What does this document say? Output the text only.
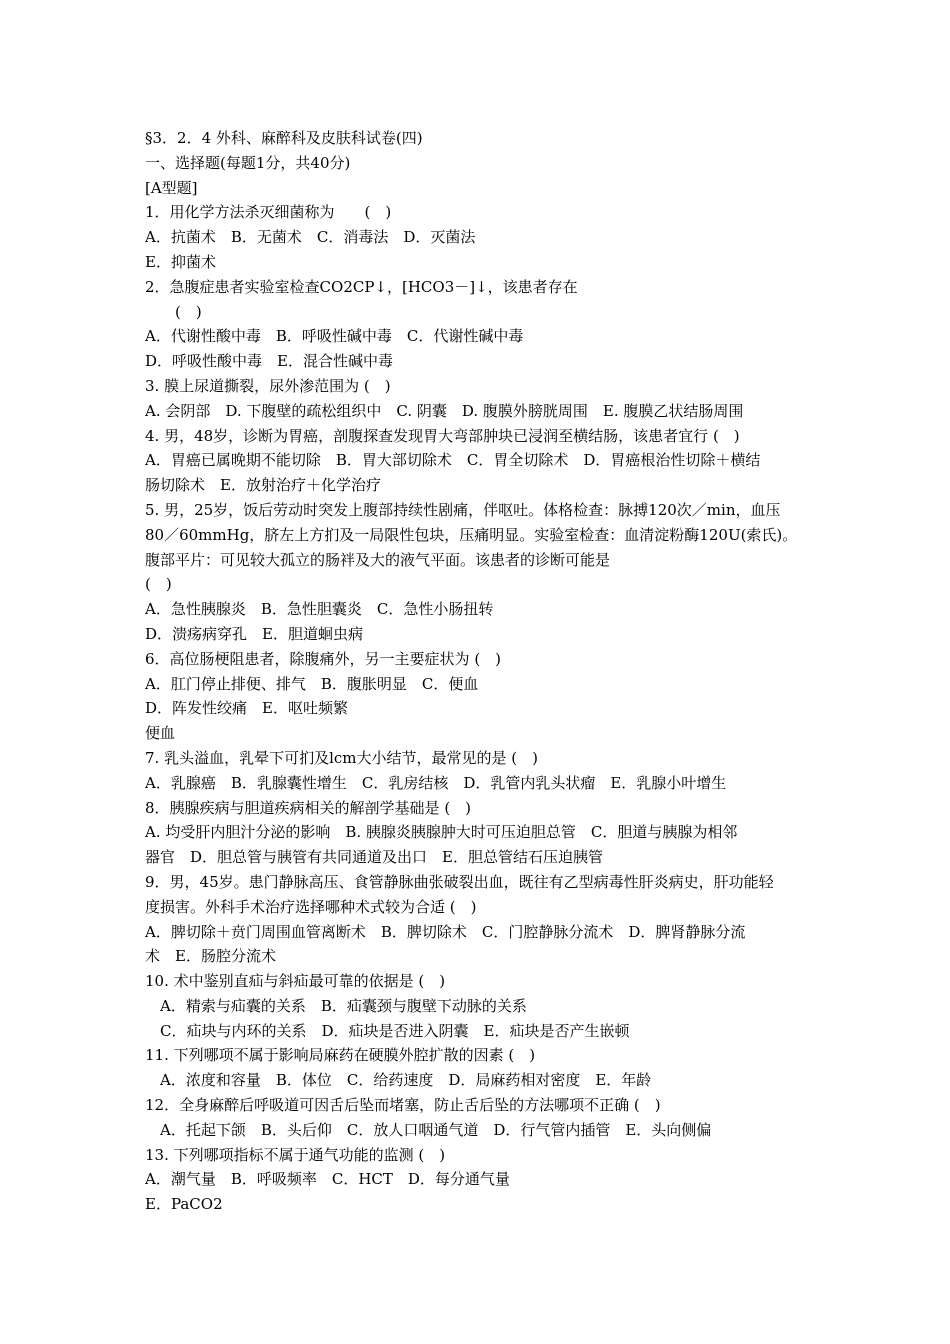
§3．2．4 外科、麻醉科及皮肤科试卷(四)
一、选择题(每题1分，共40分)
[A型题]
1．用化学方法杀灭细菌称为　　(　)
A．抗菌术　B．无菌术　C．消毒法　D．灭菌法
E．抑菌术
2．急腹症患者实验室检查CO2CP↓，[HCO3－]↓，该患者存在
　　(　)
A．代谢性酸中毒　B．呼吸性碱中毒　C．代谢性碱中毒
D．呼吸性酸中毒　E．混合性碱中毒
3. 膜上尿道撕裂，尿外渗范围为 (　)
A. 会阴部　D. 下腹壁的疏松组织中　C. 阴囊　D. 腹膜外膀胱周围　E. 腹膜乙状结肠周围
4. 男，48岁，诊断为胃癌，剖腹探查发现胃大弯部肿块已浸润至横结肠，该患者宜行 (　)
A．胃癌已属晚期不能切除　B．胃大部切除术　C．胃全切除术　D．胃癌根治性切除＋横结
肠切除术　E．放射治疗＋化学治疗
5. 男，25岁，饭后劳动时突发上腹部持续性剧痛，伴呕吐。体格检查：脉搏120次／min，血压
80／60mmHg，脐左上方扪及一局限性包块，压痛明显。实验室检查：血清淀粉酶120U(索氏)。
腹部平片：可见较大孤立的肠袢及大的液气平面。该患者的诊断可能是
(　)
A．急性胰腺炎　B．急性胆囊炎　C．急性小肠扭转
D．溃疡病穿孔　E．胆道蛔虫病
6．高位肠梗阻患者，除腹痛外，另一主要症状为 (　)
A．肛门停止排便、排气　B．腹胀明显　C．便血
D．阵发性绞痛　E．呕吐频繁
便血
7. 乳头溢血，乳晕下可扪及lcm大小结节，最常见的是 (　)
A．乳腺癌　B．乳腺囊性增生　C．乳房结核　D．乳管内乳头状瘤　E．乳腺小叶增生
8．胰腺疾病与胆道疾病相关的解剖学基础是 (　)
A. 均受肝内胆汁分泌的影响　B. 胰腺炎胰腺肿大时可压迫胆总管　C．胆道与胰腺为相邻
器官　D．胆总管与胰管有共同通道及出口　E．胆总管结石压迫胰管
9．男，45岁。患门静脉高压、食管静脉曲张破裂出血，既往有乙型病毒性肝炎病史，肝功能轻
度损害。外科手术治疗选择哪种术式较为合适 (　)
A．脾切除＋贲门周围血管离断术　B．脾切除术　C．门腔静脉分流术　D．脾肾静脉分流
术　E．肠腔分流术
10. 术中鉴别直疝与斜疝最可靠的依据是 (　)
　A．精索与疝囊的关系　B．疝囊颈与腹壁下动脉的关系
　C．疝块与内环的关系　D．疝块是否进入阴囊　E．疝块是否产生嵌顿
11. 下列哪项不属于影响局麻药在硬膜外腔扩散的因素 (　)
　A．浓度和容量　B．体位　C．给药速度　D．局麻药相对密度　E．年龄
12．全身麻醉后呼吸道可因舌后坠而堵塞，防止舌后坠的方法哪项不正确 (　)
　A．托起下颌　B．头后仰　C．放人口咽通气道　D．行气管内插管　E．头向侧偏
13. 下列哪项指标不属于通气功能的监测 (　)
A．潮气量　B．呼吸频率　C．HCT　D．每分通气量
E．PaCO2
